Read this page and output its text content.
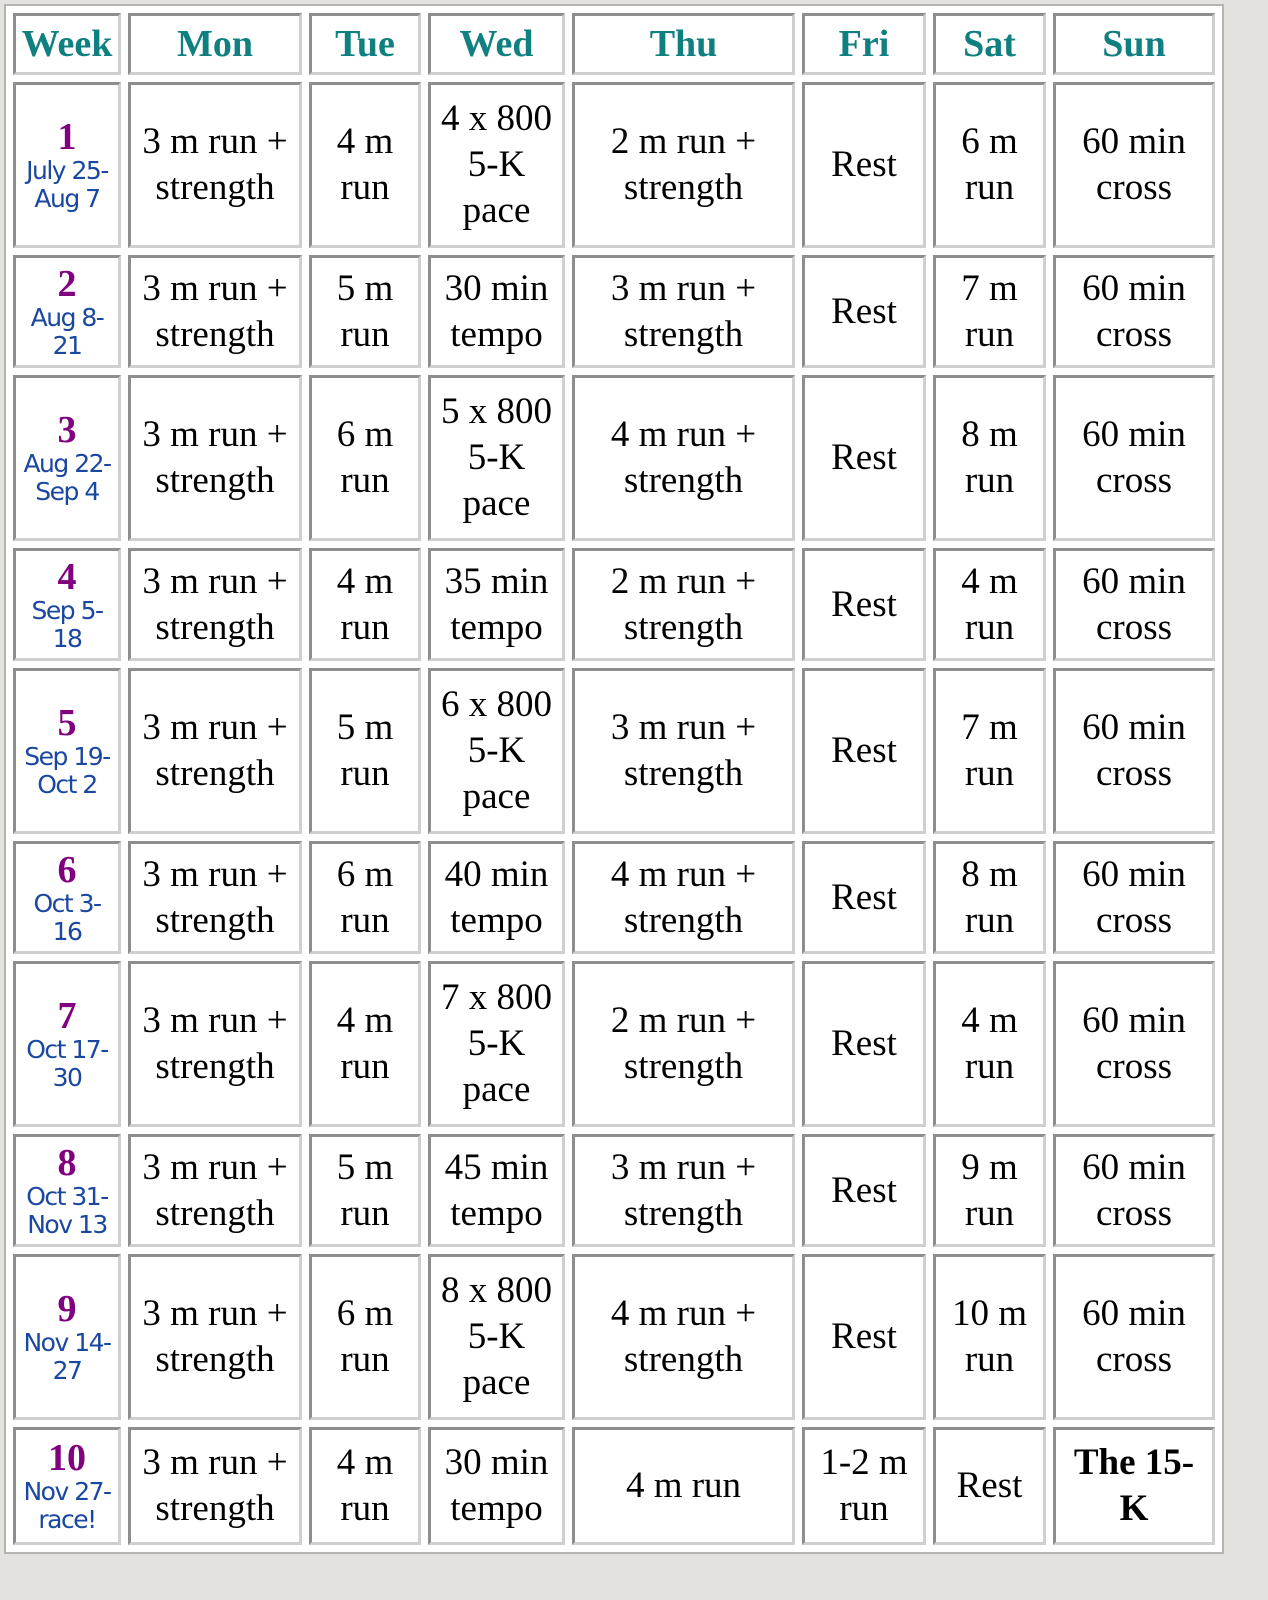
Week	Mon	Tue	Wed	Thu	Fri	Sat	Sun

1
July 25- Aug 7	3 m run + strength	4 m run	4 x 800 5-K pace	2 m run + strength	Rest	6 m run	60 min cross

2
Aug 8-21	3 m run + strength	5 m run	30 min tempo	3 m run + strength	Rest	7 m run	60 min cross

3
Aug 22- Sep 4	3 m run + strength	6 m run	5 x 800 5-K pace	4 m run + strength	Rest	8 m run	60 min cross

4
Sep 5-18	3 m run + strength	4 m run	35 min tempo	2 m run + strength	Rest	4 m run	60 min cross

5
Sep 19- Oct 2	3 m run + strength	5 m run	6 x 800 5-K pace	3 m run + strength	Rest	7 m run	60 min cross

6
Oct 3-16	3 m run + strength	6 m run	40 min tempo	4 m run + strength	Rest	8 m run	60 min cross

7
Oct 17-30	3 m run + strength	4 m run	7 x 800 5-K pace	2 m run + strength	Rest	4 m run	60 min cross

8
Oct 31- Nov 13	3 m run + strength	5 m run	45 min tempo	3 m run + strength	Rest	9 m run	60 min cross

9
Nov 14-27	3 m run + strength	6 m run	8 x 800 5-K pace	4 m run + strength	Rest	10 m run	60 min cross

10
Nov 27- race!	3 m run + strength	4 m run	30 min tempo	4 m run	1-2 m run	Rest	The 15-K
